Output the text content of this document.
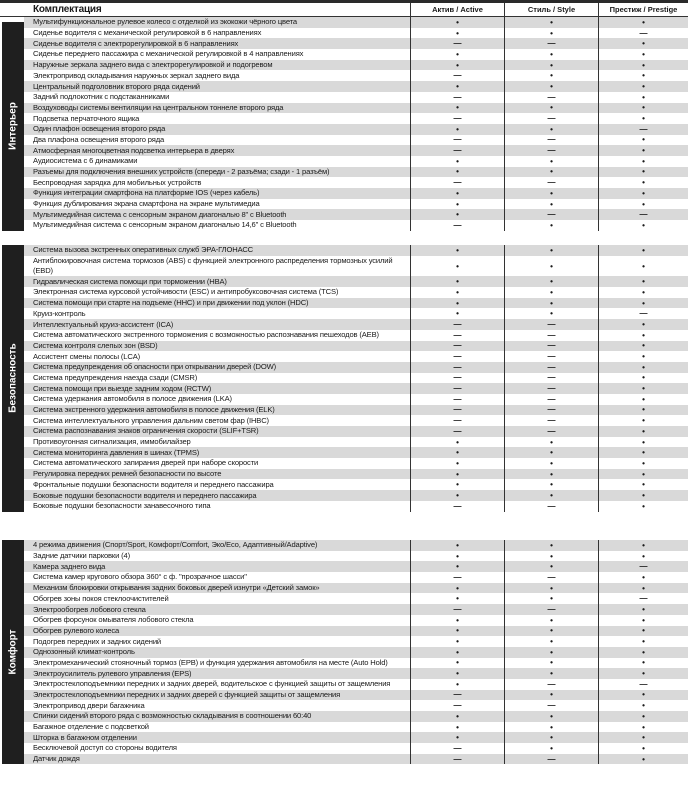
Комплектация	Актив / Active	Стиль / Style	Престиж / Prestige
Интерьер
Мультифункциональное рулевое колесо с отделкой из экокожи чёрного цвета	•	•	•
Сиденье водителя с механической регулировкой в 6 направлениях	•	•	—
Сиденье водителя с электрорегулировкой в 6 направлениях	—	—	•
Сиденье переднего пассажира с механической регулировкой в 4 направлениях	•	•	•
Наружные зеркала заднего вида с электрорегулировкой и подогревом	•	•	•
Электропривод складывания наружных зеркал заднего вида	—	•	•
Центральный подголовник второго ряда сидений	•	•	•
Задний подлокотник с подстаканниками	—	—	•
Воздуховоды системы вентиляции на центральном тоннеле второго ряда	•	•	•
Подсветка перчаточного ящика	—	—	•
Один плафон освещения второго ряда	•	•	—
Два плафона освещения второго ряда	—	—	•
Атмосферная многоцветная подсветка интерьера в дверях	—	—	•
Аудиосистема с 6 динамиками	•	•	•
Разъемы для подключения внешних устройств (спереди - 2 разъёма; сзади - 1 разъём)	•	•	•
Беспроводная зарядка для мобильных устройств	—	—	•
Функция интеграции смартфона на платформе IOS (через кабель)	•	•	•
Функция дублирования экрана смартфона на экране мультимедиа	•	•	•
Мультимедийная система с сенсорным экраном диагональю 8" с Bluetooth	•	—	—
Мультимедийная система с сенсорным экраном диагональю 14,6" с Bluetooth	—	•	•
Безопасность
Система вызова экстренных оперативных служб ЭРА-ГЛОНАСС	•	•	•
Антиблокировочная система тормозов (ABS) с функцией электронного распределения тормозных усилий (EBD)
•	•	•
Гидравлическая система помощи при торможении (HBA)	•	•	•
Электронная система курсовой устойчивости (ESC) и антипробуксовочная система (TCS)	•	•	•
Система помощи при старте на подъеме (HHC) и при движении под уклон (HDC)	•	•	•
Круиз-контроль	•	•	—
Интеллектуальный круиз-ассистент (ICA)	—	—	•
Система автоматического экстренного торможения с возможностью распознавания пешеходов (AEB)	—	—	•
Система контроля слепых зон (BSD)	—	—	•
Ассистент смены полосы (LCA)	—	—	•
Система предупреждения об опасности при открывании дверей (DOW)	—	—	•
Система предупреждения наезда сзади (CMSR)	—	—	•
Система помощи при выезде задним ходом (RCTW)	—	—	•
Система удержания автомобиля в полосе движения (LKA)	—	—	•
Система экстренного удержания автомобиля в полосе движения (ELK)	—	—	•
Система интеллектуального управления дальним светом фар (IHBC)	—	—	•
Система распознавания знаков ограничения скорости (SLIF+TSR)	—	—	•
Противоугонная сигнализация, иммобилайзер	•	•	•
Система мониторинга давления в шинах (TPMS)	•	•	•
Система автоматического запирания дверей при наборе скорости	•	•	•
Регулировка передних ремней безопасности по высоте	•	•	•
Фронтальные подушки безопасности водителя и переднего пассажира	•	•	•
Боковые подушки безопасности водителя и переднего пассажира	•	•	•
Боковые подушки безопасности занавесочного типа	—	—	•
Комфорт
4 режима движения (Спорт/Sport, Комфорт/Comfort, Эко/Eco, Адаптивный/Adaptive)	•	•	•
Задние датчики парковки (4)	•	•	•
Камера заднего вида	•	•	—
Система камер кругового обзора 360° с ф. "прозрачное шасси"	—	—	•
Механизм блокировки открывания задних боковых дверей изнутри «Детский замок»	•	•	•
Обогрев зоны покоя стеклоочистителей	•	•	—
Электрообогрев лобового стекла	—	—	•
Обогрев форсунок омывателя лобового стекла	•	•	•
Обогрев рулевого колеса	•	•	•
Подогрев передних и задних сидений	•	•	•
Однозонный климат-контроль	•	•	•
Электромеханический стояночный тормоз (EPB) и функция удержания автомобиля на месте (Auto Hold)	•	•	•
Электроусилитель рулевого управления (EPS)	•	•	•
Электростеклоподъемники передних и задних дверей, водительское с функцией защиты от защемления	•	—	—
Электростеклоподъемники передних и задних дверей с функцией защиты от защемления	—	•	•
Электропривод двери багажника	—	—	•
Спинки сидений второго ряда с возможностью складывания в соотношении 60:40	•	•	•
Багажное отделение с подсветкой	•	•	•
Шторка в багажном отделении	•	•	•
Бесключевой доступ со стороны водителя	—	•	•
Датчик дождя	—	—	•
